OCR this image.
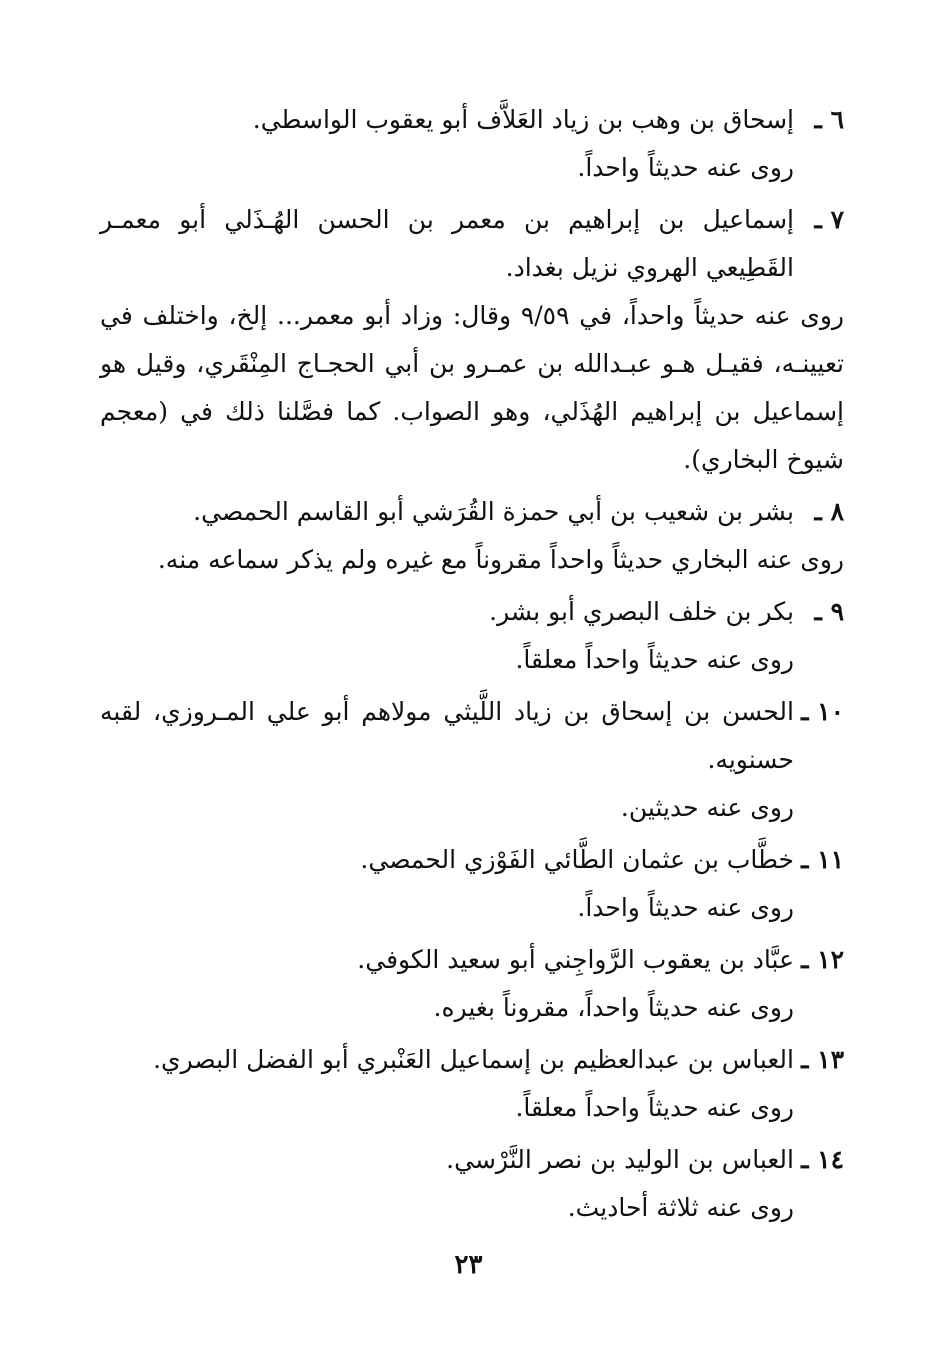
٦ ـ
إسحاق بن وهب بن زياد العَلاَّف أبو يعقوب الواسطي.
روى عنه حديثاً واحداً.
٧ ـ
إسماعيل بن إبراهيم بن معمر بن الحسن الهُـذَلي أبو معمـر القَطِيعي الهروي نزيل بغداد.
روى عنه حديثاً واحداً، في ٩/٥٩ وقال: وزاد أبو معمر... إلخ، واختلف في تعيينـه، فقيـل هـو عبـدالله بن عمـرو بن أبي الحجـاج المِنْقَري، وقيل هو إسماعيل بن إبراهيم الهُذَلي، وهو الصواب. كما فصَّلنا ذلك في (معجم شيوخ البخاري).
٨ ـ
بشر بن شعيب بن أبي حمزة القُرَشي أبو القاسم الحمصي.
روى عنه البخاري حديثاً واحداً مقروناً مع غيره ولم يذكر سماعه منه.
٩ ـ
بكر بن خلف البصري أبو بشر.
روى عنه حديثاً واحداً معلقاً.
١٠ ـ
الحسن بن إسحاق بن زياد اللَّيثي مولاهم أبو علي المـروزي، لقبه حسنويه.
روى عنه حديثين.
١١ ـ
خطَّاب بن عثمان الطَّائي الفَوْزي الحمصي.
روى عنه حديثاً واحداً.
١٢ ـ
عبَّاد بن يعقوب الرَّواجِني أبو سعيد الكوفي.
روى عنه حديثاً واحداً، مقروناً بغيره.
١٣ ـ
العباس بن عبدالعظيم بن إسماعيل العَنْبري أبو الفضل البصري.
روى عنه حديثاً واحداً معلقاً.
١٤ ـ
العباس بن الوليد بن نصر النَّرْسي.
روى عنه ثلاثة أحاديث.
٢٣
